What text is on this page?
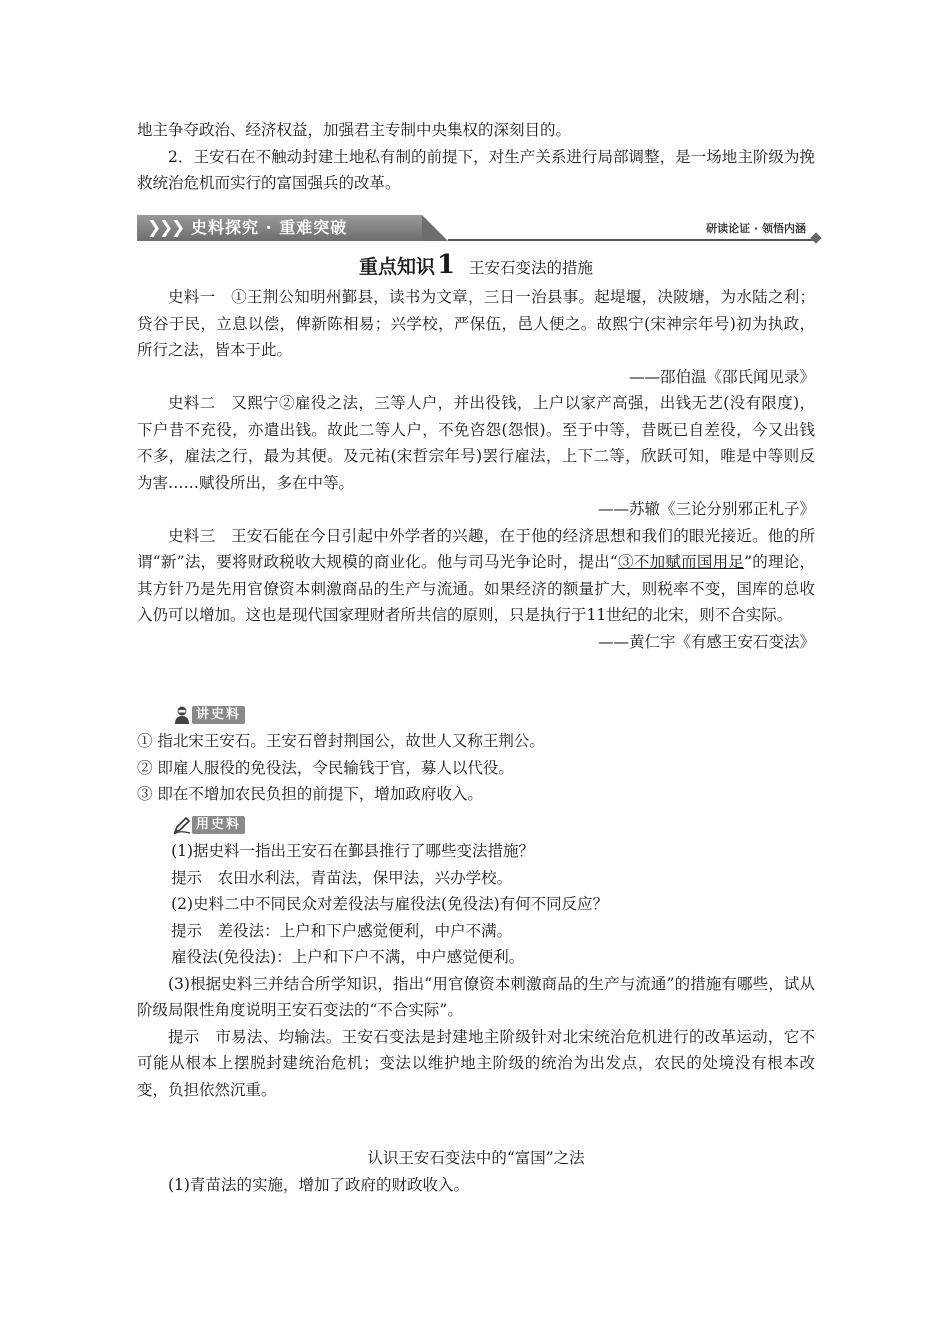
地主争夺政治、经济权益，加强君主专制中央集权的深刻目的。

2．王安石在不触动封建土地私有制的前提下，对生产关系进行局部调整，是一场地主阶级为挽救统治危机而实行的富国强兵的改革。

❯
❯
❯ 史料探究 · 重难突破	研读论证 · 领悟内涵
重点知识1 王安石变法的措施

史料一　①王荆公知明州鄞县，读书为文章，三日一治县事。起堤堰，决陂塘，为水陆之利；贷谷于民，立息以偿，俾新陈相易；兴学校，严保伍，邑人便之。故熙宁(宋神宗年号)初为执政，所行之法，皆本于此。

——邵伯温《邵氏闻见录》

史料二　又熙宁②雇役之法，三等人户，并出役钱，上户以家产高强，出钱无艺(没有限度)，下户昔不充役，亦遣出钱。故此二等人户，不免咨怨(怨恨)。至于中等，昔既已自差役，今又出钱不多，雇法之行，最为其便。及元祐(宋哲宗年号)罢行雇法，上下二等，欣跃可知，唯是中等则反为害……赋役所出，多在中等。

——苏辙《三论分别邪正札子》

史料三　王安石能在今日引起中外学者的兴趣，在于他的经济思想和我们的眼光接近。他的所谓“新”法，要将财政税收大规模的商业化。他与司马光争论时，提出“③不加赋而国用足”的理论，其方针乃是先用官僚资本刺激商品的生产与流通。如果经济的额量扩大，则税率不变，国库的总收入仍可以增加。这也是现代国家理财者所共信的原则，只是执行于11世纪的北宋，则不合实际。

——黄仁宇《有感王安石变法》

讲史料

① 指北宋王安石。王安石曾封荆国公，故世人又称王荆公。

② 即雇人服役的免役法，令民输钱于官，募人以代役。

③ 即在不增加农民负担的前提下，增加政府收入。

用史料

(1)据史料一指出王安石在鄞县推行了哪些变法措施？

提示　农田水利法，青苗法，保甲法，兴办学校。

(2)史料二中不同民众对差役法与雇役法(免役法)有何不同反应？

提示　差役法：上户和下户感觉便利，中户不满。

雇役法(免役法)：上户和下户不满，中户感觉便利。

(3)根据史料三并结合所学知识，指出“用官僚资本刺激商品的生产与流通”的措施有哪些，试从阶级局限性角度说明王安石变法的“不合实际”。

提示　市易法、均输法。王安石变法是封建地主阶级针对北宋统治危机进行的改革运动，它不可能从根本上摆脱封建统治危机；变法以维护地主阶级的统治为出发点，农民的处境没有根本改变，负担依然沉重。

认识王安石变法中的“富国”之法

(1)青苗法的实施，增加了政府的财政收入。
